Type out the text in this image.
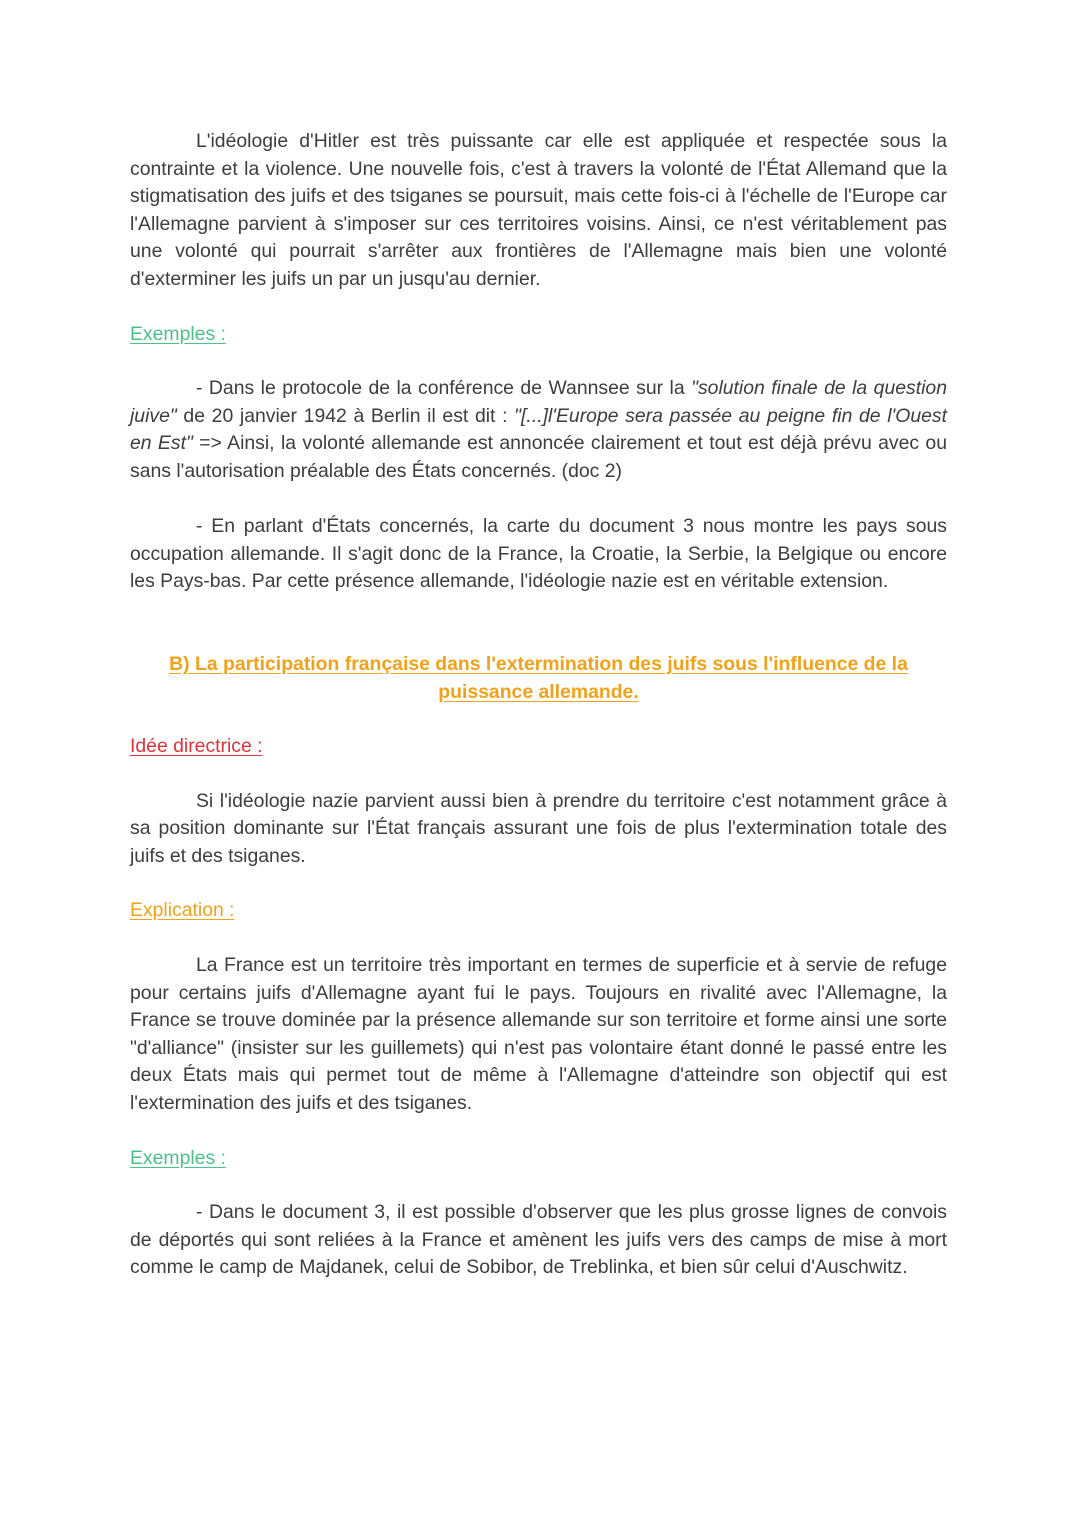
L'idéologie d'Hitler est très puissante car elle est appliquée et respectée sous la contrainte et la violence. Une nouvelle fois, c'est à travers la volonté de l'État Allemand que la stigmatisation des juifs et des tsiganes se poursuit, mais cette fois-ci à l'échelle de l'Europe car l'Allemagne parvient à s'imposer sur ces territoires voisins. Ainsi, ce n'est véritablement pas une volonté qui pourrait s'arrêter aux frontières de l'Allemagne mais bien une volonté d'exterminer les juifs un par un jusqu'au dernier.

Exemples :

- Dans le protocole de la conférence de Wannsee sur la "solution finale de la question juive" de 20 janvier 1942 à Berlin il est dit : "[...]l'Europe sera passée au peigne fin de l'Ouest en Est" => Ainsi, la volonté allemande est annoncée clairement et tout est déjà prévu avec ou sans l'autorisation préalable des États concernés. (doc 2)

- En parlant d'États concernés, la carte du document 3 nous montre les pays sous occupation allemande. Il s'agit donc de la France, la Croatie, la Serbie, la Belgique ou encore les Pays-bas. Par cette présence allemande, l'idéologie nazie est en véritable extension.

B) La participation française dans l'extermination des juifs sous l'influence de la puissance allemande.
Idée directrice :

Si l'idéologie nazie parvient aussi bien à prendre du territoire c'est notamment grâce à sa position dominante sur l'État français assurant une fois de plus l'extermination totale des juifs et des tsiganes.

Explication :

La France est un territoire très important en termes de superficie et à servie de refuge pour certains juifs d'Allemagne ayant fui le pays. Toujours en rivalité avec l'Allemagne, la France se trouve dominée par la présence allemande sur son territoire et forme ainsi une sorte "d'alliance" (insister sur les guillemets) qui n'est pas volontaire étant donné le passé entre les deux États mais qui permet tout de même à l'Allemagne d'atteindre son objectif qui est l'extermination des juifs et des tsiganes.

Exemples :

- Dans le document 3, il est possible d'observer que les plus grosse lignes de convois de déportés qui sont reliées à la France et amènent les juifs vers des camps de mise à mort comme le camp de Majdanek, celui de Sobibor, de Treblinka, et bien sûr celui d'Auschwitz.
